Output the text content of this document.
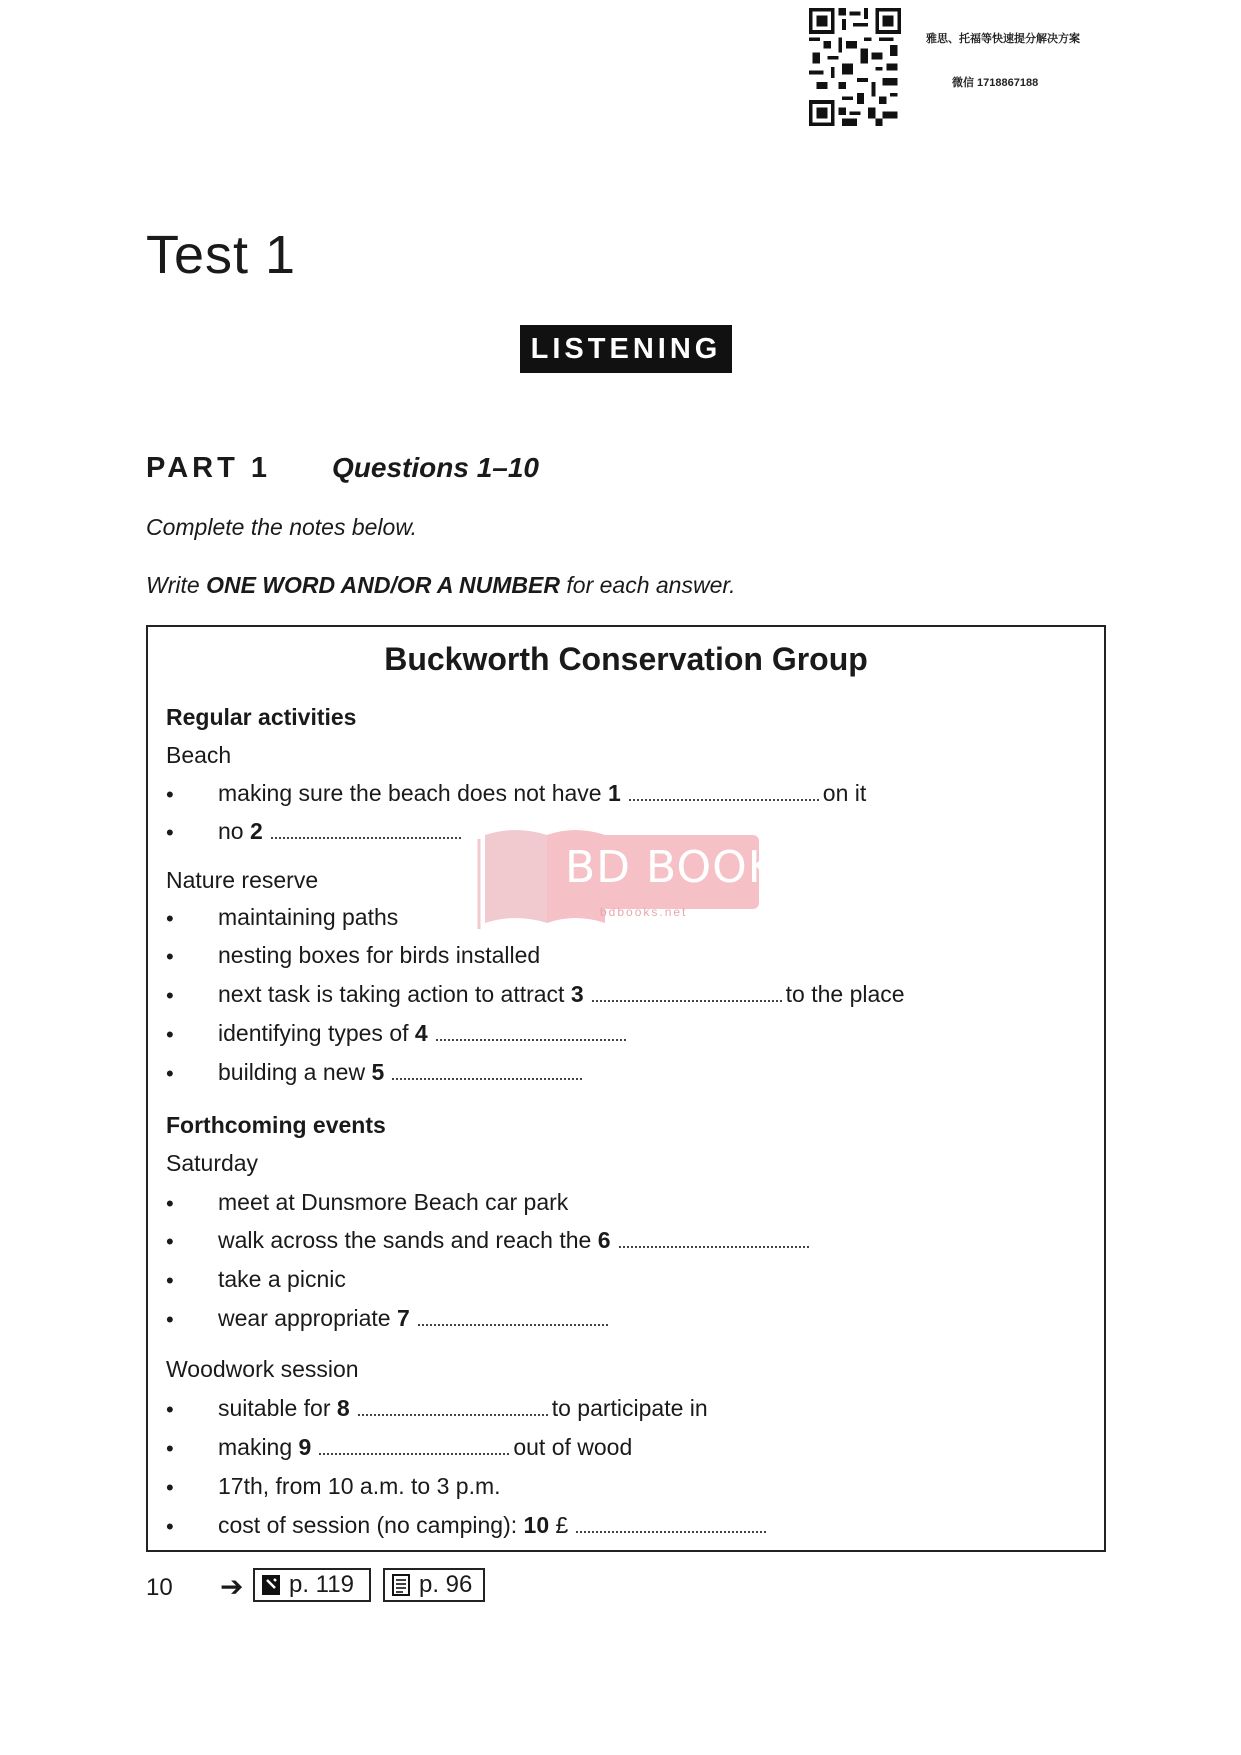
雅思、托福等快速提分解决方案
微信 1718867188
Test 1
LISTENING
PART 1 Questions 1–10
Complete the notes below.
Write ONE WORD AND/OR A NUMBER for each answer.
Buckworth Conservation Group
Regular activities
Beach
• making sure the beach does not have 1	on it
• no 2
Nature reserve
• maintaining paths
• nesting boxes for birds installed
• next task is taking action to attract 3	to the place
• identifying types of 4
• building a new 5
Forthcoming events
Saturday
• meet at Dunsmore Beach car park
• walk across the sands and reach the 6
• take a picnic
• wear appropriate 7
Woodwork session
• suitable for 8	to participate in
• making 9	out of wood
• 17th, from 10 a.m. to 3 p.m.
• cost of session (no camping): 10 £
BD BOOKS
bdbooks.net
10 ➔ p. 119	p. 96
